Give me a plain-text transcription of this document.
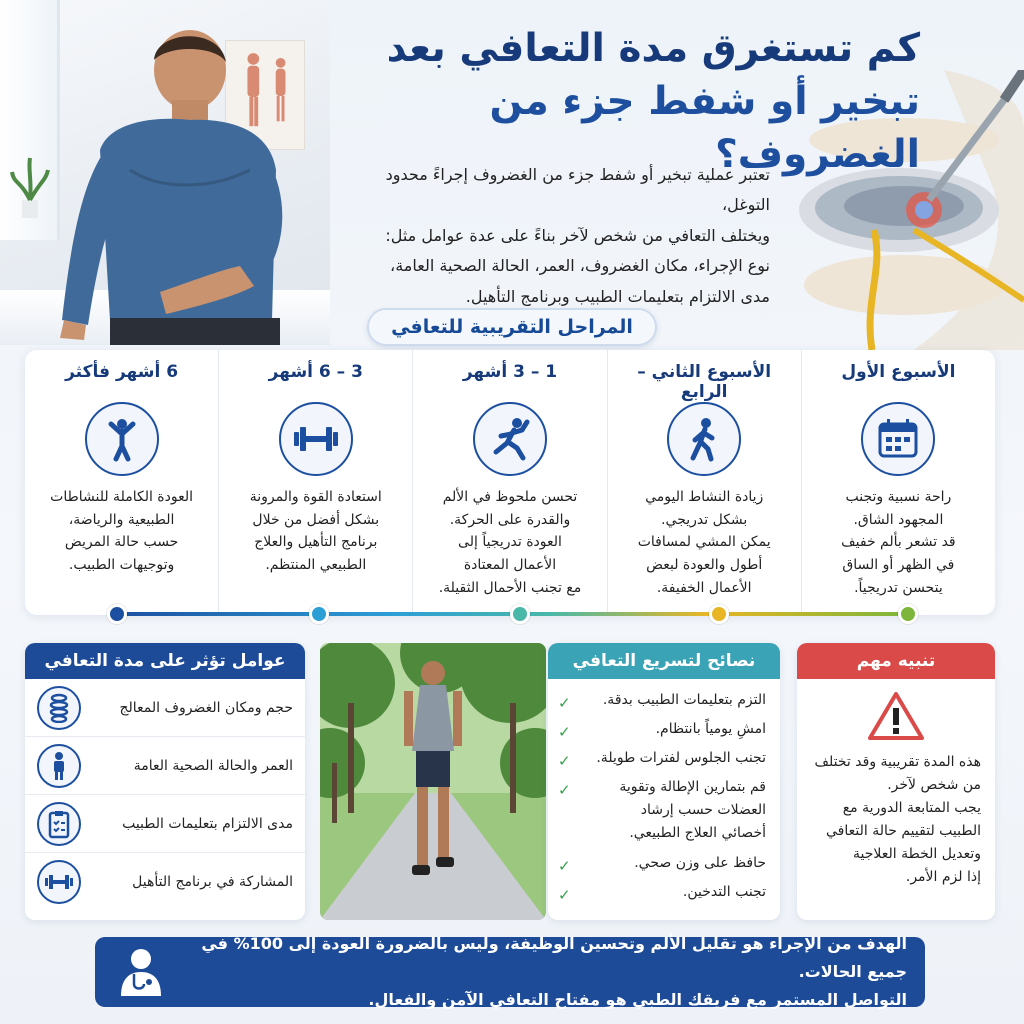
كم تستغرق مدة التعافي بعد
تبخير أو شفط جزء من الغضروف؟
تعتبر عملية تبخير أو شفط جزء من الغضروف إجراءً محدود التوغل،
ويختلف التعافي من شخص لآخر بناءً على عدة عوامل مثل:
نوع الإجراء، مكان الغضروف، العمر، الحالة الصحية العامة،
مدى الالتزام بتعليمات الطبيب وبرنامج التأهيل.
المراحل التقريبية للتعافي
الأسبوع الأول
راحة نسبية وتجنب
المجهود الشاق.
قد تشعر بألم خفيف
في الظهر أو الساق
يتحسن تدريجياً.
الأسبوع الثاني – الرابع
زيادة النشاط اليومي
بشكل تدريجي.
يمكن المشي لمسافات
أطول والعودة لبعض
الأعمال الخفيفة.
1 – 3 أشهر
تحسن ملحوظ في الألم
والقدرة على الحركة.
العودة تدريجياً إلى
الأعمال المعتادة
مع تجنب الأحمال الثقيلة.
3 – 6 أشهر
استعادة القوة والمرونة
بشكل أفضل من خلال
برنامج التأهيل والعلاج
الطبيعي المنتظم.
6 أشهر فأكثر
العودة الكاملة للنشاطات
الطبيعية والرياضة،
حسب حالة المريض
وتوجيهات الطبيب.
عوامل تؤثر على مدة التعافي
حجم ومكان الغضروف المعالج
العمر والحالة الصحية العامة
مدى الالتزام بتعليمات الطبيب
المشاركة في برنامج التأهيل
نصائح لتسريع التعافي
✓ التزم بتعليمات الطبيب بدقة.
✓	امشِ يومياً بانتظام.
✓ تجنب الجلوس لفترات طويلة.
✓	قم بتمارين الإطالة وتقوية
العضلات حسب إرشاد
أخصائي العلاج الطبيعي.
✓	حافظ على وزن صحي.
✓	تجنب التدخين.
تنبيه مهم
هذه المدة تقريبية وقد تختلف
من شخص لآخر.
يجب المتابعة الدورية مع
الطبيب لتقييم حالة التعافي
وتعديل الخطة العلاجية
إذا لزم الأمر.
الهدف من الإجراء هو تقليل الألم وتحسين الوظيفة، وليس بالضرورة العودة إلى 100% في جميع الحالات.
التواصل المستمر مع فريقك الطبي هو مفتاح التعافي الآمن والفعال.
